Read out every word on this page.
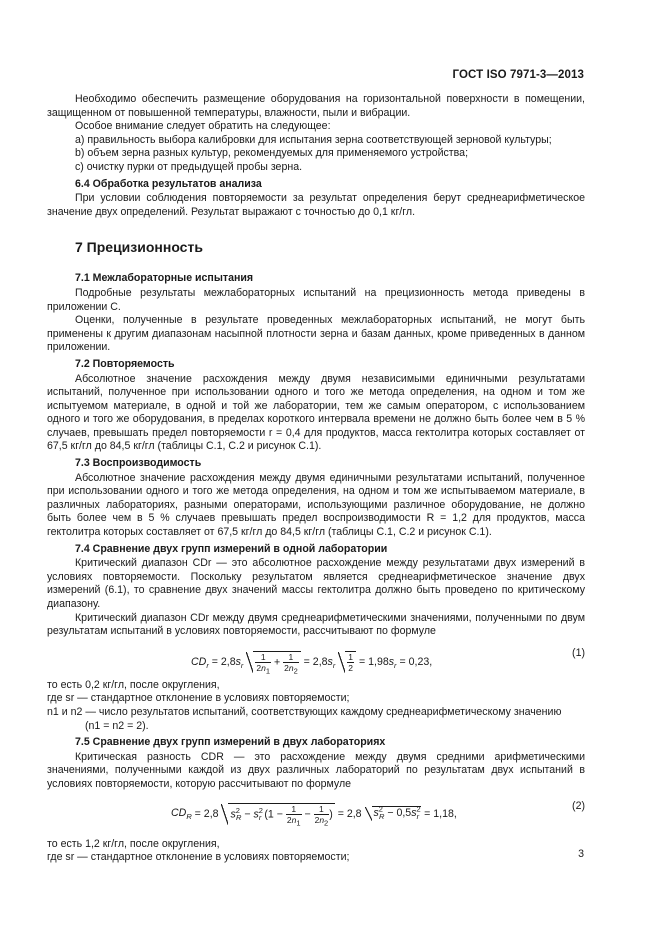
ГОСТ ISO 7971-3—2013

Необходимо обеспечить размещение оборудования на горизонтальной поверхности в помещении, защищенном от повышенной температуры, влажности, пыли и вибрации.

Особое внимание следует обратить на следующее:

a) правильность выбора калибровки для испытания зерна соответствующей зерновой культуры;

b) объем зерна разных культур, рекомендуемых для применяемого устройства;

c) очистку пурки от предыдущей пробы зерна.

6.4 Обработка результатов анализа

При условии соблюдения повторяемости за результат определения берут среднеарифметическое значение двух определений. Результат выражают с точностью до 0,1 кг/гл.

7 Прецизионность
7.1 Межлабораторные испытания

Подробные результаты межлабораторных испытаний на прецизионность метода приведены в приложении С.

Оценки, полученные в результате проведенных межлабораторных испытаний, не могут быть применены к другим диапазонам насыпной плотности зерна и базам данных, кроме приведенных в данном приложении.

7.2 Повторяемость

Абсолютное значение расхождения между двумя независимыми единичными результатами испытаний, полученное при использовании одного и того же метода определения, на одном и том же испытуемом материале, в одной и той же лаборатории, тем же самым оператором, с использованием одного и того же оборудования, в пределах короткого интервала времени не должно быть более чем в 5 % случаев, превышать предел повторяемости r = 0,4 для продуктов, масса гектолитра которых составляет от 67,5 кг/гл до 84,5 кг/гл (таблицы С.1, С.2 и рисунок С.1).

7.3 Воспроизводимость

Абсолютное значение расхождения между двумя единичными результатами испытаний, полученное при использовании одного и того же метода определения, на одном и том же испытываемом материале, в различных лабораториях, разными операторами, использующими различное оборудование, не должно быть более чем в 5 % случаев превышать предел воспроизводимости R = 1,2 для продуктов, масса гектолитра которых составляет от 67,5 кг/гл до 84,5 кг/гл (таблицы С.1, С.2 и рисунок С.1).

7.4 Сравнение двух групп измерений в одной лаборатории

Критический диапазон CDr — это абсолютное расхождение между результатами двух измерений в условиях повторяемости. Поскольку результатом является среднеарифметическое значение двух измерений (6.1), то сравнение двух значений массы гектолитра должно быть проведено по критическому диапазону.

Критический диапазон CDr между двумя среднеарифметическими значениями, полученными по двум результатам испытаний в условиях повторяемости, рассчитывают по формуле

$CD_r = 2,8s_r \frac{1}{2n_1} + \frac{1}{2n_2} = 2,8s_r \frac{1}{2} = 1,98s_r = 0,23$,
(1)

то есть 0,2 кг/гл, после округления,

где sr — стандартное отклонение в условиях повторяемости;

n1 и n2 — число результатов испытаний, соответствующих каждому среднеарифметическому значению

(n1 = n2 = 2).

7.5 Сравнение двух групп измерений в двух лабораториях

Критическая разность CDR — это расхождение между двумя средними арифметическими значениями, полученными каждой из двух различных лабораторий по результатам двух испытаний в условиях повторяемости, которую рассчитывают по формуле

$CD_R = 2,8$ $s^2_R - s^2_r$ ($1 - \frac{1}{2n_1} - \frac{1}{2n_2}$ ) = 2,8 $s^2_R - 0,5s^2_r = 1,18$,
(2)

то есть 1,2 кг/гл, после округления,

где sr — стандартное отклонение в условиях повторяемости;	3
